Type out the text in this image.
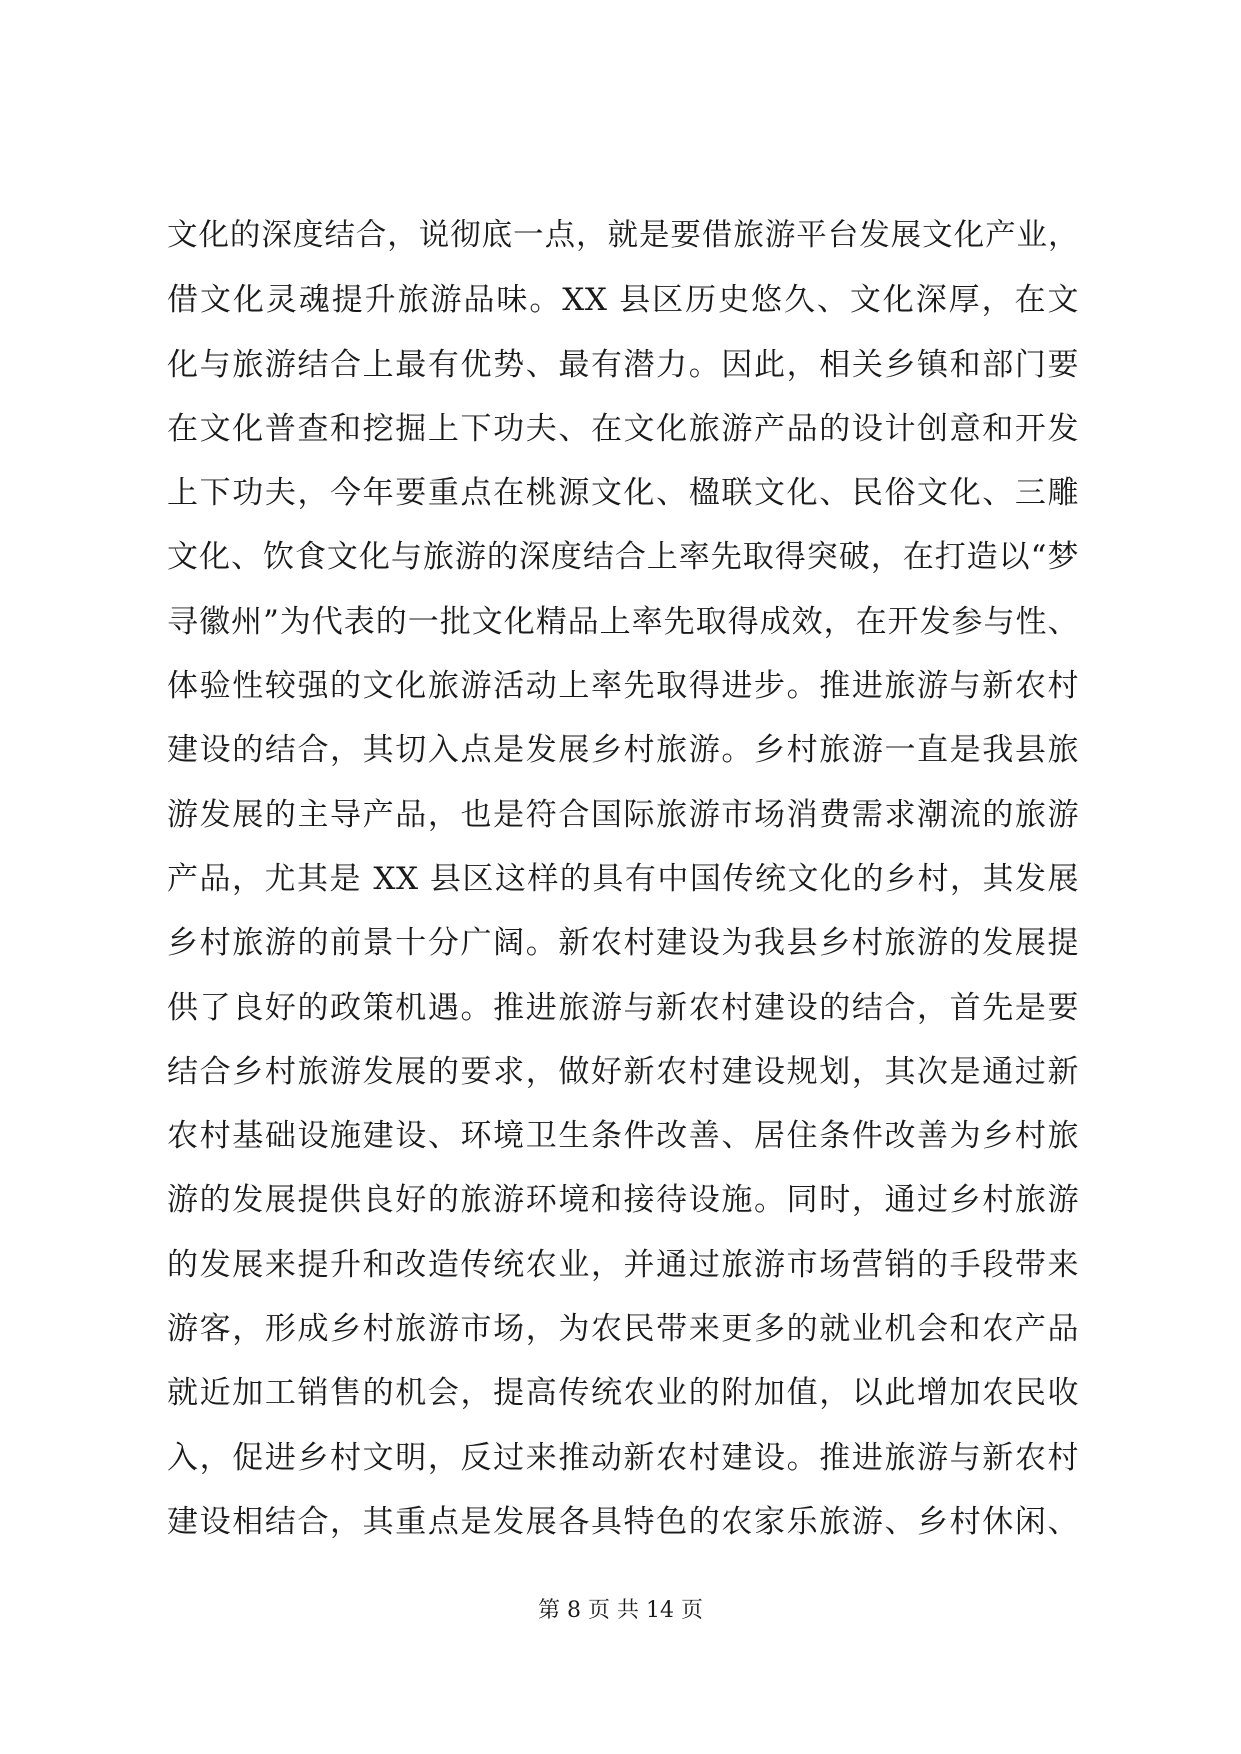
文化的深度结合，说彻底一点，就是要借旅游平台发展文化产业，
借文化灵魂提升旅游品味。XX 县区历史悠久、文化深厚，在文
化与旅游结合上最有优势、最有潜力。因此，相关乡镇和部门要
在文化普查和挖掘上下功夫、在文化旅游产品的设计创意和开发
上下功夫，今年要重点在桃源文化、楹联文化、民俗文化、三雕
文化、饮食文化与旅游的深度结合上率先取得突破，在打造以“梦
寻徽州”为代表的一批文化精品上率先取得成效，在开发参与性、
体验性较强的文化旅游活动上率先取得进步。推进旅游与新农村
建设的结合，其切入点是发展乡村旅游。乡村旅游一直是我县旅
游发展的主导产品，也是符合国际旅游市场消费需求潮流的旅游
产品，尤其是 XX 县区这样的具有中国传统文化的乡村，其发展
乡村旅游的前景十分广阔。新农村建设为我县乡村旅游的发展提
供了良好的政策机遇。推进旅游与新农村建设的结合，首先是要
结合乡村旅游发展的要求，做好新农村建设规划，其次是通过新
农村基础设施建设、环境卫生条件改善、居住条件改善为乡村旅
游的发展提供良好的旅游环境和接待设施。同时，通过乡村旅游
的发展来提升和改造传统农业，并通过旅游市场营销的手段带来
游客，形成乡村旅游市场，为农民带来更多的就业机会和农产品
就近加工销售的机会，提高传统农业的附加值，以此增加农民收
入，促进乡村文明，反过来推动新农村建设。推进旅游与新农村
建设相结合，其重点是发展各具特色的农家乐旅游、乡村休闲、
第 8 页 共 14 页
